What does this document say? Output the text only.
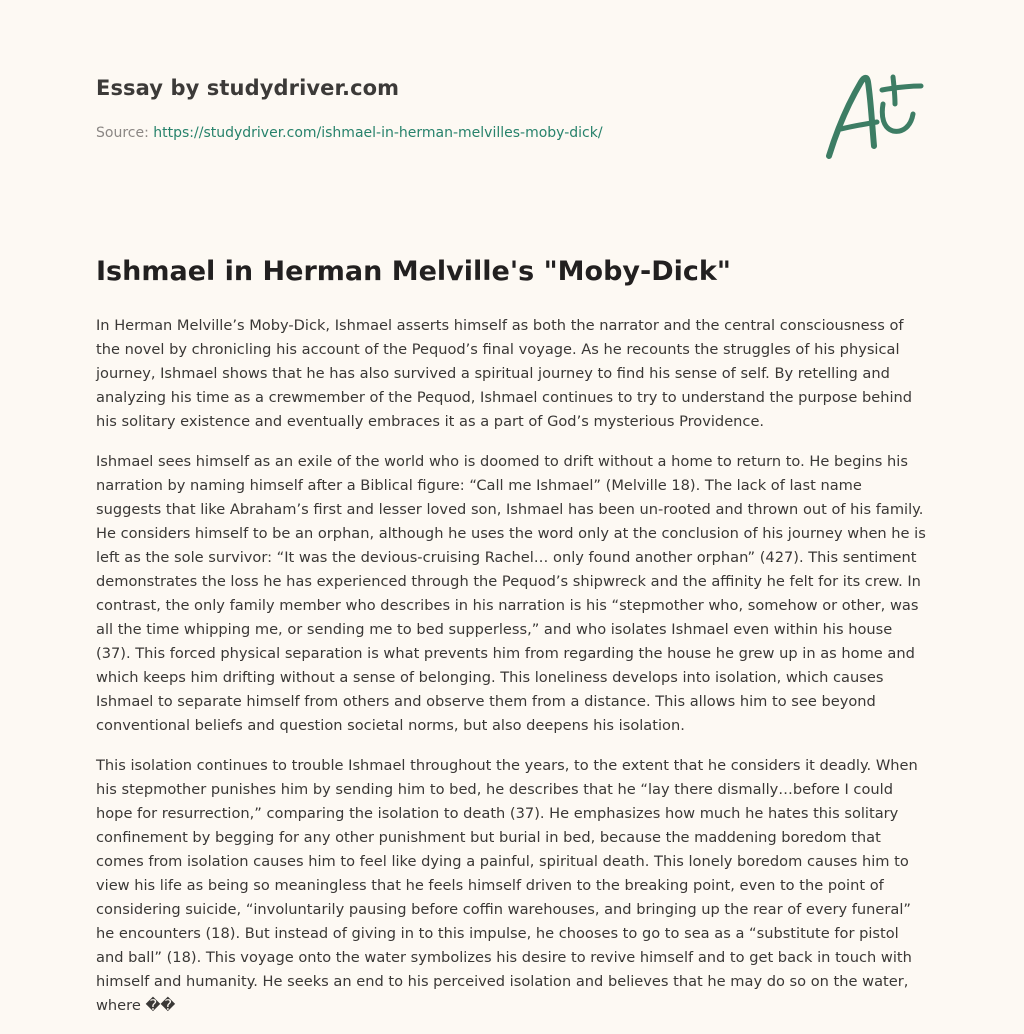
Essay by studydriver.com
Source: https://studydriver.com/ishmael-in-herman-melvilles-moby-dick/
Ishmael in Herman Melville's "Moby-Dick"

In Herman Melville’s Moby-Dick, Ishmael asserts himself as both the narrator and the central consciousness of the novel by chronicling his account of the Pequod’s final voyage. As he recounts the struggles of his physical journey, Ishmael shows that he has also survived a spiritual journey to find his sense of self. By retelling and analyzing his time as a crewmember of the Pequod, Ishmael continues to try to understand the purpose behind his solitary existence and eventually embraces it as a part of God’s mysterious Providence.

Ishmael sees himself as an exile of the world who is doomed to drift without a home to return to. He begins his narration by naming himself after a Biblical figure: “Call me Ishmael” (Melville 18). The lack of last name suggests that like Abraham’s first and lesser loved son, Ishmael has been un-rooted and thrown out of his family. He considers himself to be an orphan, although he uses the word only at the conclusion of his journey when he is left as the sole survivor: “It was the devious-cruising Rachel… only found another orphan” (427). This sentiment demonstrates the loss he has experienced through the Pequod’s shipwreck and the affinity he felt for its crew. In contrast, the only family member who describes in his narration is his “stepmother who, somehow or other, was all the time whipping me, or sending me to bed supperless,” and who isolates Ishmael even within his house (37). This forced physical separation is what prevents him from regarding the house he grew up in as home and which keeps him drifting without a sense of belonging. This loneliness develops into isolation, which causes Ishmael to separate himself from others and observe them from a distance. This allows him to see beyond conventional beliefs and question societal norms, but also deepens his isolation.

This isolation continues to trouble Ishmael throughout the years, to the extent that he considers it deadly. When his stepmother punishes him by sending him to bed, he describes that he “lay there dismally…before I could hope for resurrection,” comparing the isolation to death (37). He emphasizes how much he hates this solitary confinement by begging for any other punishment but burial in bed, because the maddening boredom that comes from isolation causes him to feel like dying a painful, spiritual death. This lonely boredom causes him to view his life as being so meaningless that he feels himself driven to the breaking point, even to the point of considering suicide, “involuntarily pausing before coffin warehouses, and bringing up the rear of every funeral” he encounters (18). But instead of giving in to this impulse, he chooses to go to sea as a “substitute for pistol and ball” (18). This voyage onto the water symbolizes his desire to revive himself and to get back in touch with himself and humanity. He seeks an end to his perceived isolation and believes that he may do so on the water, where ��
